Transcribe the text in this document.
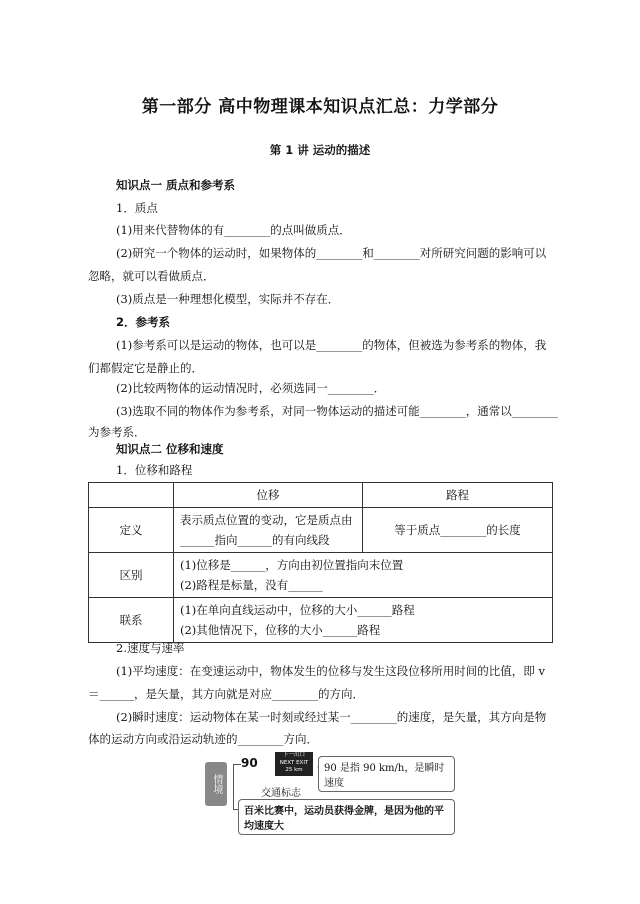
第一部分 高中物理课本知识点汇总：力学部分
第 1 讲 运动的描述
知识点一 质点和参考系
1．质点
(1)用来代替物体的有________的点叫做质点．
(2)研究一个物体的运动时，如果物体的________和________对所研究问题的影响可以
忽略，就可以看做质点．
(3)质点是一种理想化模型，实际并不存在．
2．参考系
(1)参考系可以是运动的物体，也可以是________的物体，但被选为参考系的物体，我
们都假定它是静止的．
(2)比较两物体的运动情况时，必须选同一________．
(3)选取不同的物体作为参考系，对同一物体运动的描述可能________，通常以________
为参考系．
知识点二 位移和速度
1．位移和路程
	位移	路程
定义	表示质点位置的变动，它是质点由
______指向______的有向线段	等于质点________的长度
区别	(1)位移是______，方向由初位置指向末位置
(2)路程是标量，没有______	

联系	(1)在单向直线运动中，位移的大小______路程
(2)其他情况下，位移的大小______路程	
2.速度与速率
(1)平均速度：在变速运动中，物体发生的位移与发生这段位移所用时间的比值，即 v
＝______，是矢量，其方向就是对应________的方向．
(2)瞬时速度：运动物体在某一时刻或经过某一________的速度，是矢量，其方向是物
体的运动方向或沿运动轨迹的________方向．
情境
90
下一出口
NEXT EXIT
25 km
交通标志
90 是指 90 km/h，是瞬时速度
百米比赛中，运动员获得金牌，是因为他的平均速度大
